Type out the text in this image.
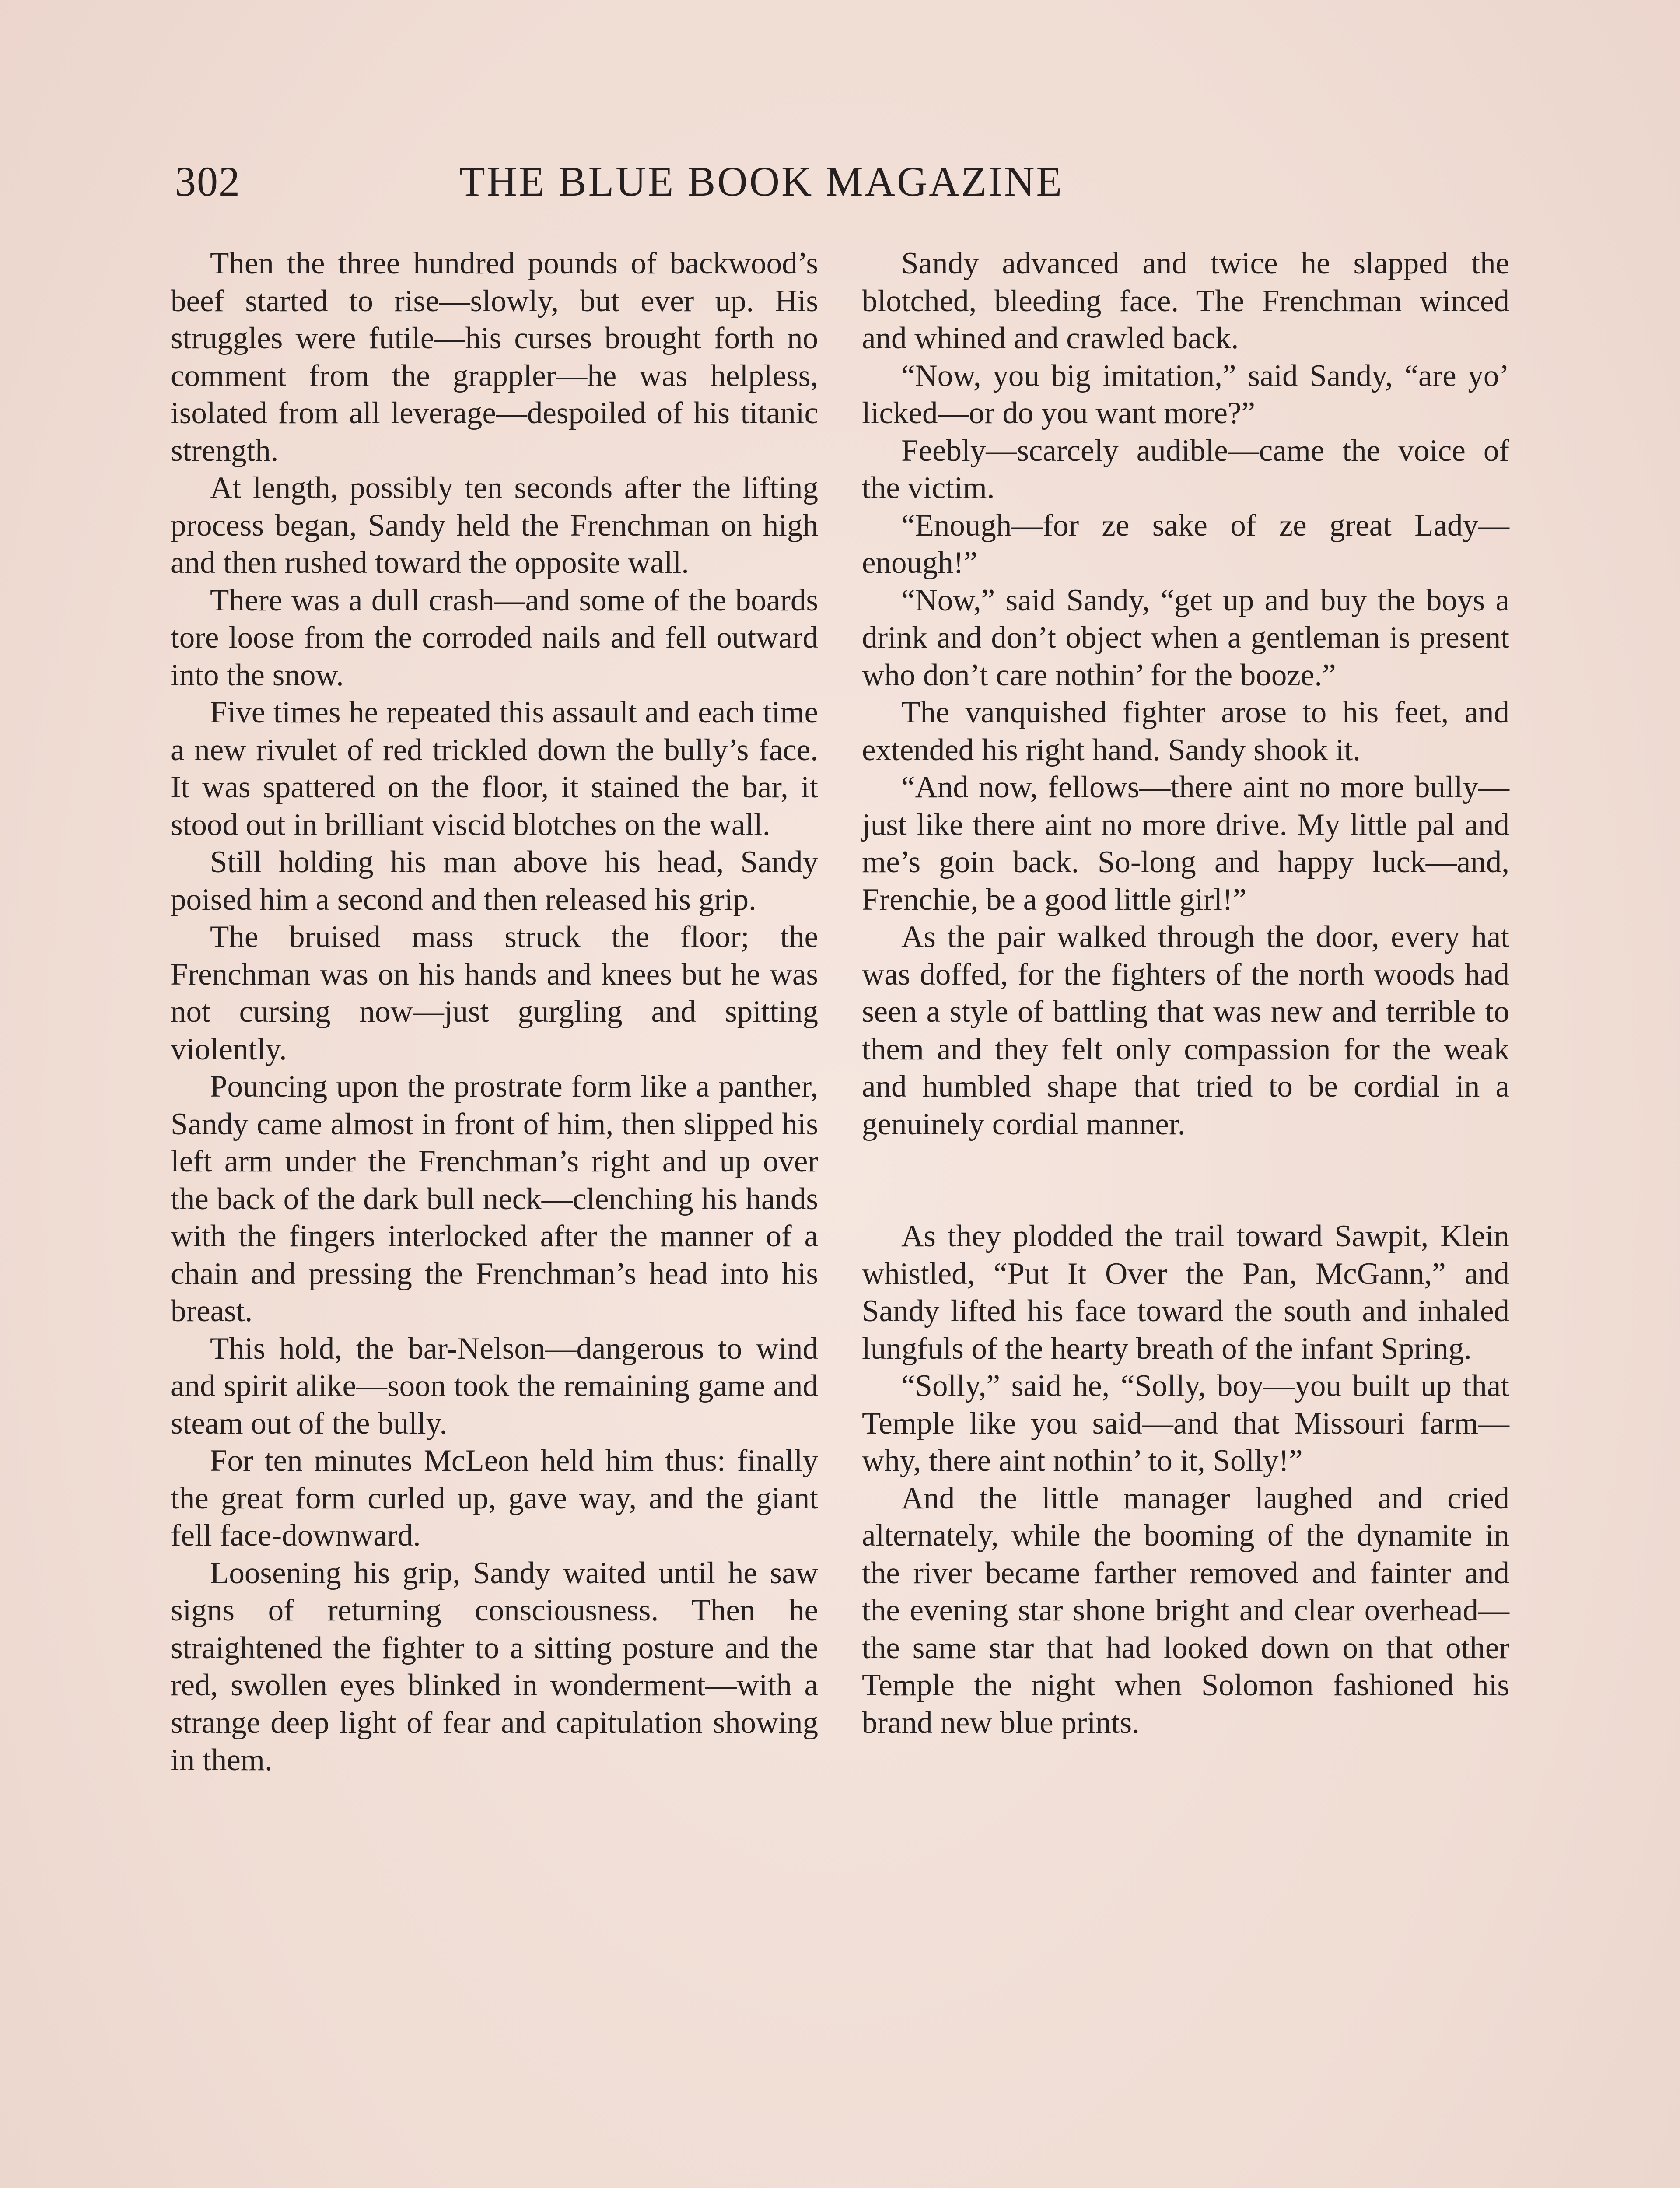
302	THE BLUE BOOK MAGAZINE

Then the three hundred pounds of backwood’s beef started to rise—slowly, but ever up. His struggles were futile—his curses brought forth no comment from the grappler—he was helpless, isolated from all leverage—despoiled of his titanic strength.

At length, possibly ten seconds after the lifting process began, Sandy held the Frenchman on high and then rushed toward the opposite wall.

There was a dull crash—and some of the boards tore loose from the corroded nails and fell outward into the snow.

Five times he repeated this assault and each time a new rivulet of red trickled down the bully’s face. It was spattered on the floor, it stained the bar, it stood out in brilliant viscid blotches on the wall.

Still holding his man above his head, Sandy poised him a second and then released his grip.

The bruised mass struck the floor; the Frenchman was on his hands and knees but he was not cursing now—just gurgling and spitting violently.

Pouncing upon the prostrate form like a panther, Sandy came almost in front of him, then slipped his left arm under the Frenchman’s right and up over the back of the dark bull neck—clenching his hands with the fingers interlocked after the manner of a chain and pressing the Frenchman’s head into his breast.

This hold, the bar-Nelson—dangerous to wind and spirit alike—soon took the remaining game and steam out of the bully.

For ten minutes McLeon held him thus: finally the great form curled up, gave way, and the giant fell face-downward.

Loosening his grip, Sandy waited until he saw signs of returning consciousness. Then he straightened the fighter to a sitting posture and the red, swollen eyes blinked in wonderment—with a strange deep light of fear and capitulation showing in them.

Sandy advanced and twice he slapped the blotched, bleeding face. The Frenchman winced and whined and crawled back.

“Now, you big imitation,” said Sandy, “are yo’ licked—or do you want more?”

Feebly—scarcely audible—came the voice of the victim.

“Enough—for ze sake of ze great Lady—enough!”

“Now,” said Sandy, “get up and buy the boys a drink and don’t object when a gentleman is present who don’t care nothin’ for the booze.”

The vanquished fighter arose to his feet, and extended his right hand. Sandy shook it.

“And now, fellows—there aint no more bully—just like there aint no more drive. My little pal and me’s goin back. So-long and happy luck—and, Frenchie, be a good little girl!”

As the pair walked through the door, every hat was doffed, for the fighters of the north woods had seen a style of battling that was new and terrible to them and they felt only compassion for the weak and humbled shape that tried to be cordial in a genuinely cordial manner.

As they plodded the trail toward Sawpit, Klein whistled, “Put It Over the Pan, McGann,” and Sandy lifted his face toward the south and inhaled lungfuls of the hearty breath of the infant Spring.

“Solly,” said he, “Solly, boy—you built up that Temple like you said—and that Missouri farm—why, there aint nothin’ to it, Solly!”

And the little manager laughed and cried alternately, while the booming of the dynamite in the river became farther removed and fainter and the evening star shone bright and clear overhead—the same star that had looked down on that other Temple the night when Solomon fashioned his brand new blue prints.
